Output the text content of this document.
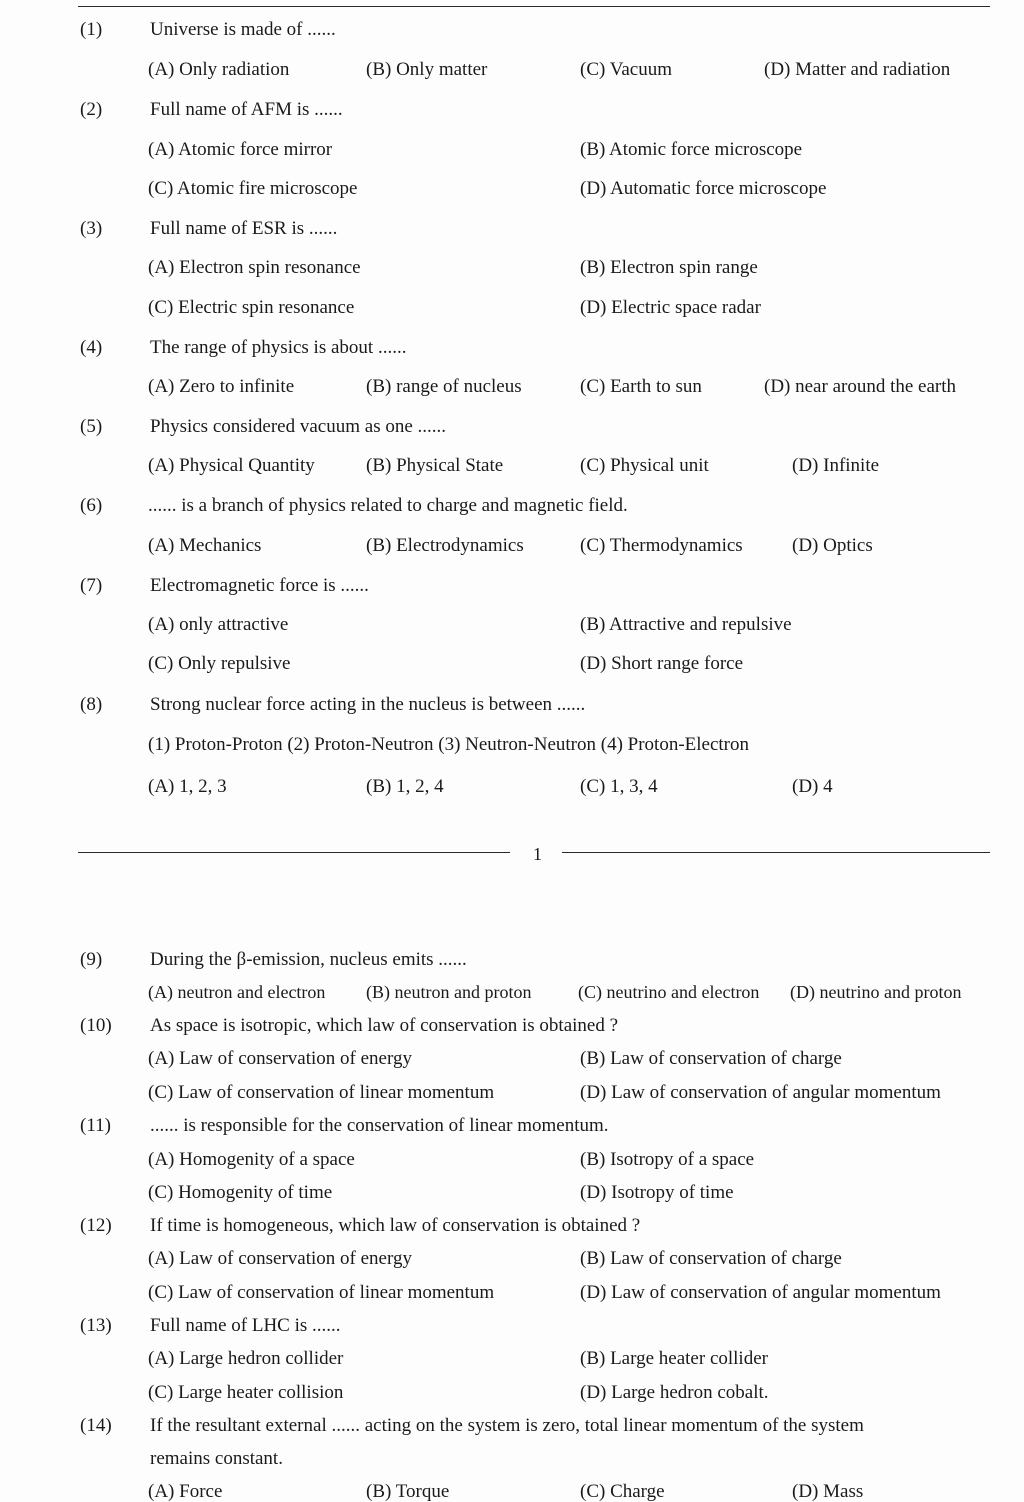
(1)	Universe is made of ......
(A) Only radiation	(B) Only matter	(C) Vacuum	(D) Matter and radiation
(2)	Full name of AFM is ......
(A) Atomic force mirror	(B) Atomic force microscope
(C) Atomic fire microscope	(D) Automatic force microscope
(3)	Full name of ESR is ......
(A) Electron spin resonance	(B) Electron spin range
(C) Electric spin resonance	(D) Electric space radar
(4)	The range of physics is about ......
(A) Zero to infinite	(B) range of nucleus	(C) Earth to sun	(D) near around the earth
(5)	Physics considered vacuum as one ......
(A) Physical Quantity	(B) Physical State	(C) Physical unit	(D) Infinite
(6) ...... is a branch of physics related to charge and magnetic field.
(A) Mechanics	(B) Electrodynamics	(C) Thermodynamics	(D) Optics
(7)	Electromagnetic force is ......
(A) only attractive	(B) Attractive and repulsive
(C) Only repulsive	(D) Short range force
(8)	Strong nuclear force acting in the nucleus is between ......
(1) Proton-Proton (2) Proton-Neutron (3) Neutron-Neutron (4) Proton-Electron
(A) 1, 2, 3	(B) 1, 2, 4	(C) 1, 3, 4	(D) 4
1
(9)	During the β-emission, nucleus emits ......
(A) neutron and electron (B) neutron and proton	(C) neutrino and electron (D) neutrino and proton
(10) As space is isotropic, which law of conservation is obtained ?
(A) Law of conservation of energy	(B) Law of conservation of charge
(C) Law of conservation of linear momentum	(D) Law of conservation of angular momentum
(11) ...... is responsible for the conservation of linear momentum.
(A) Homogenity of a space	(B) Isotropy of a space
(C) Homogenity of time	(D) Isotropy of time
(12) If time is homogeneous, which law of conservation is obtained ?
(A) Law of conservation of energy	(B) Law of conservation of charge
(C) Law of conservation of linear momentum	(D) Law of conservation of angular momentum
(13) Full name of LHC is ......
(A) Large hedron collider	(B) Large heater collider
(C) Large heater collision	(D) Large hedron cobalt.
(14) If the resultant external ...... acting on the system is zero, total linear momentum of the system
remains constant.
(A) Force	(B) Torque	(C) Charge	(D) Mass
